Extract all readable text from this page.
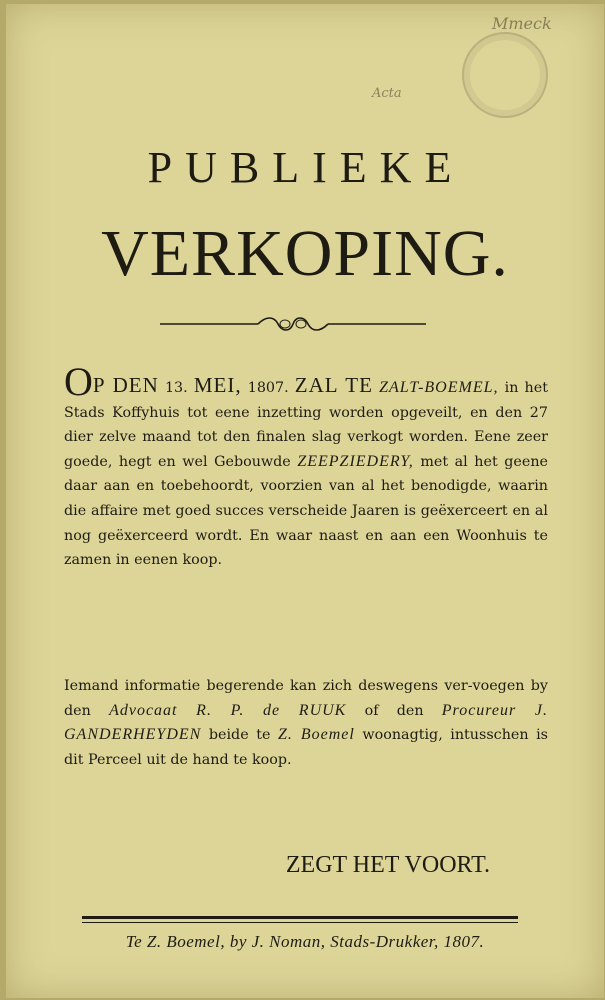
Mmeck
Acta
PUBLIEKE
VERKOPING.
OP DEN 13. MEI, 1807. ZAL TE ZALT-BOEMEL, in het Stads Koffyhuis tot eene inzetting worden opgeveilt, en den 27 dier zelve maand tot den finalen slag verkogt worden. Eene zeer goede, hegt en wel Gebouwde ZEEPZIEDERY, met al het geene daar aan en toebehoordt, voorzien van al het benodigde, waarin die affaire met goed succes verscheide Jaaren is geëxerceert en al nog geëxerceerd wordt. En waar naast en aan een Woonhuis te zamen in eenen koop.
Iemand informatie begerende kan zich deswegens ver-voegen by den Advocaat R. P. de RUUK of den Procureur J. GANDERHEYDEN beide te Z. Boemel woonagtig, intusschen is dit Perceel uit de hand te koop.
ZEGT HET VOORT.
Te Z. Boemel, by J. Noman, Stads-Drukker, 1807.
